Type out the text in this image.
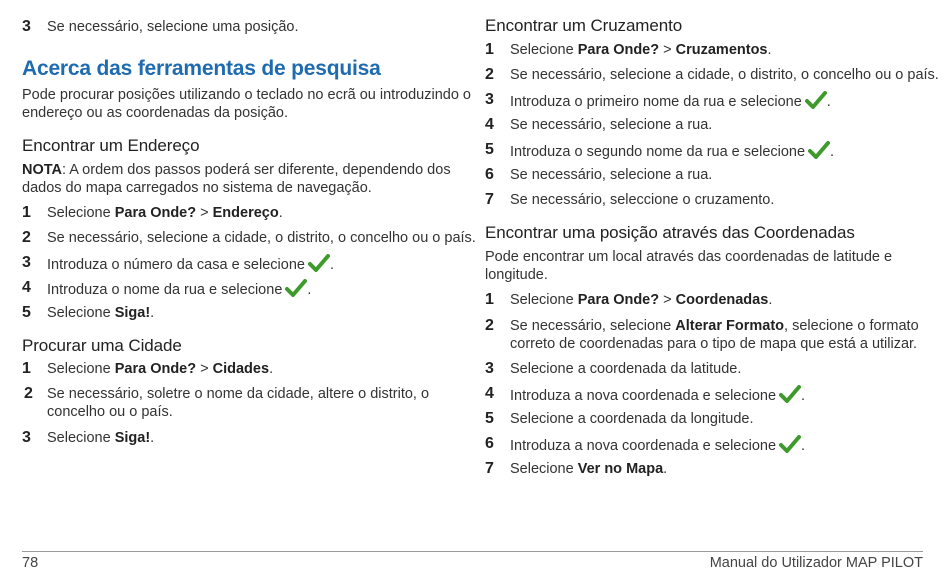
3	Se necessário, selecione uma posição.
Acerca das ferramentas de pesquisa
Pode procurar posições utilizando o teclado no ecrã ou introduzindo o
endereço ou as coordenadas da posição.
Encontrar um Endereço
NOTA: A ordem dos passos poderá ser diferente, dependendo dos
dados do mapa carregados no sistema de navegação.
1	Selecione Para Onde? > Endereço.
2	Se necessário, selecione a cidade, o distrito, o concelho ou o país.
3	Introduza o número da casa e selecione .
4	Introduza o nome da rua e selecione .
5	Selecione Siga!.
Procurar uma Cidade
1	Selecione Para Onde? > Cidades.
2 Se necessário, soletre o nome da cidade, altere o distrito, o
concelho ou o país.
3	Selecione Siga!.
Encontrar um Cruzamento
1	Selecione Para Onde? > Cruzamentos.
2	Se necessário, selecione a cidade, o distrito, o concelho ou o país.
3	Introduza o primeiro nome da rua e selecione .
4	Se necessário, selecione a rua.
5	Introduza o segundo nome da rua e selecione .
6	Se necessário, selecione a rua.
7	Se necessário, seleccione o cruzamento.
Encontrar uma posição através das Coordenadas
Pode encontrar um local através das coordenadas de latitude e
longitude.
1	Selecione Para Onde? > Coordenadas.
2	Se necessário, selecione Alterar Formato, selecione o formato
correto de coordenadas para o tipo de mapa que está a utilizar.
3	Selecione a coordenada da latitude.
4	Introduza a nova coordenada e selecione .
5	Selecione a coordenada da longitude.
6	Introduza a nova coordenada e selecione .
7	Selecione Ver no Mapa.
78	Manual do Utilizador MAP PILOT
